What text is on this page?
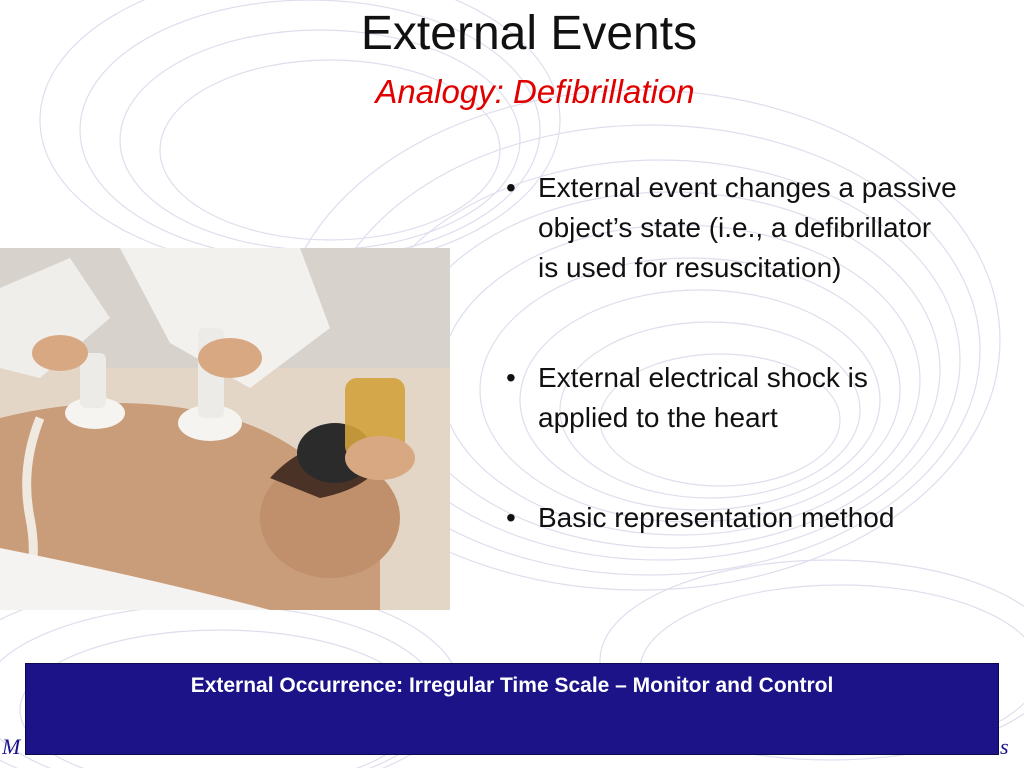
External Events
Analogy: Defibrillation
• External event changes a passive object’s state (i.e., a defibrillator is used for resuscitation)
• External electrical shock is applied to the heart
• Basic representation method
External Occurrence: Irregular Time Scale – Monitor and Control
M	s
